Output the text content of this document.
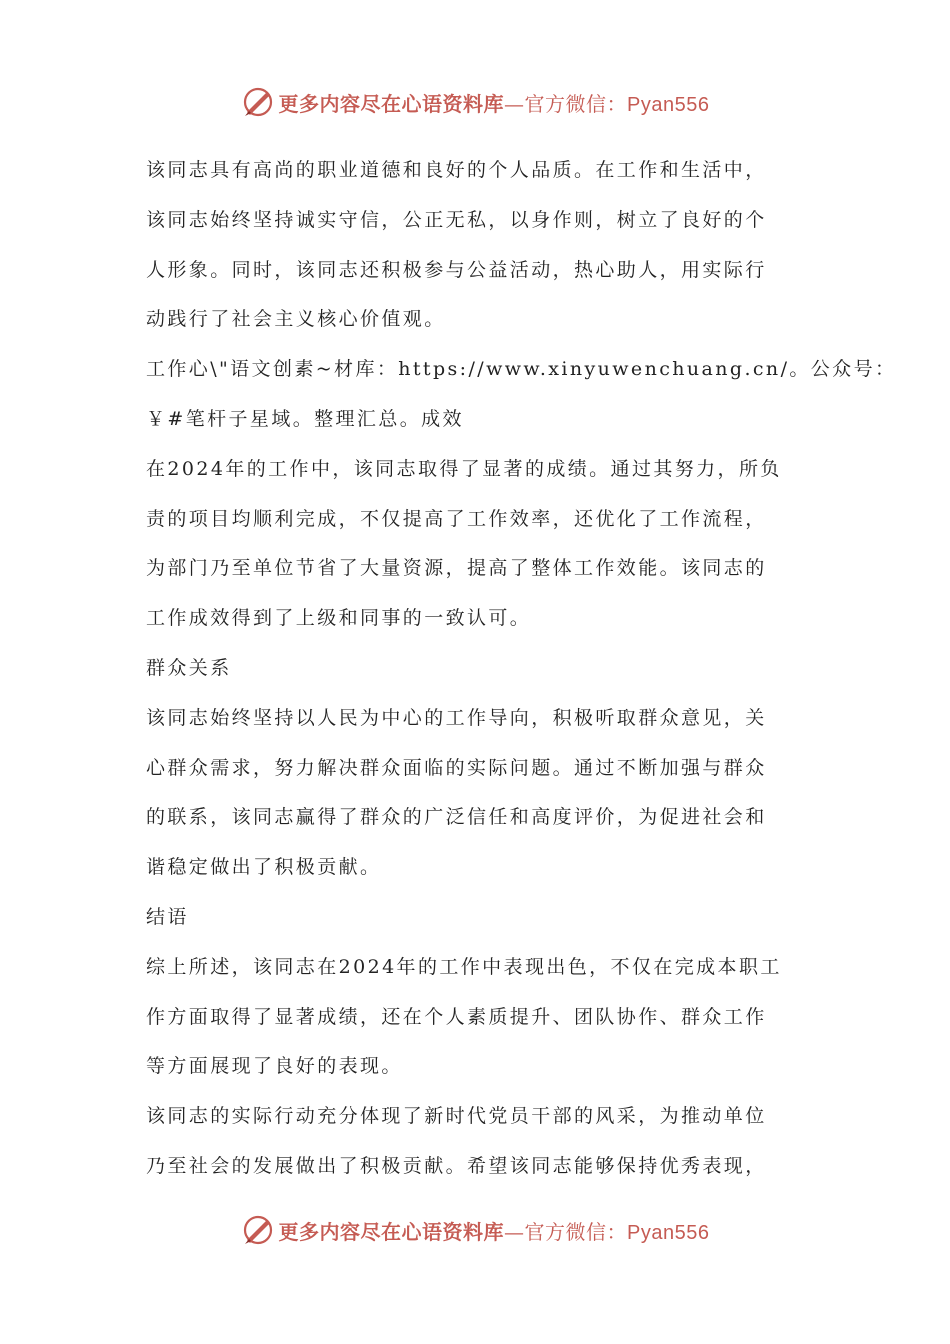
更多内容尽在心语资料库—官方微信：Pyan556
该同志具有高尚的职业道德和良好的个人品质。在工作和生活中，
该同志始终坚持诚实守信，公正无私，以身作则，树立了良好的个
人形象。同时，该同志还积极参与公益活动，热心助人，用实际行
动践行了社会主义核心价值观。
工作心\"语文创素~材库：https://www.xinyuwenchuang.cn/。公众号：
￥#笔杆子星域。整理汇总。成效
在2024年的工作中，该同志取得了显著的成绩。通过其努力，所负
责的项目均顺利完成，不仅提高了工作效率，还优化了工作流程，
为部门乃至单位节省了大量资源，提高了整体工作效能。该同志的
工作成效得到了上级和同事的一致认可。
群众关系
该同志始终坚持以人民为中心的工作导向，积极听取群众意见，关
心群众需求，努力解决群众面临的实际问题。通过不断加强与群众
的联系，该同志赢得了群众的广泛信任和高度评价，为促进社会和
谐稳定做出了积极贡献。
结语
综上所述，该同志在2024年的工作中表现出色，不仅在完成本职工
作方面取得了显著成绩，还在个人素质提升、团队协作、群众工作
等方面展现了良好的表现。
该同志的实际行动充分体现了新时代党员干部的风采，为推动单位
乃至社会的发展做出了积极贡献。希望该同志能够保持优秀表现，
更多内容尽在心语资料库—官方微信：Pyan556
